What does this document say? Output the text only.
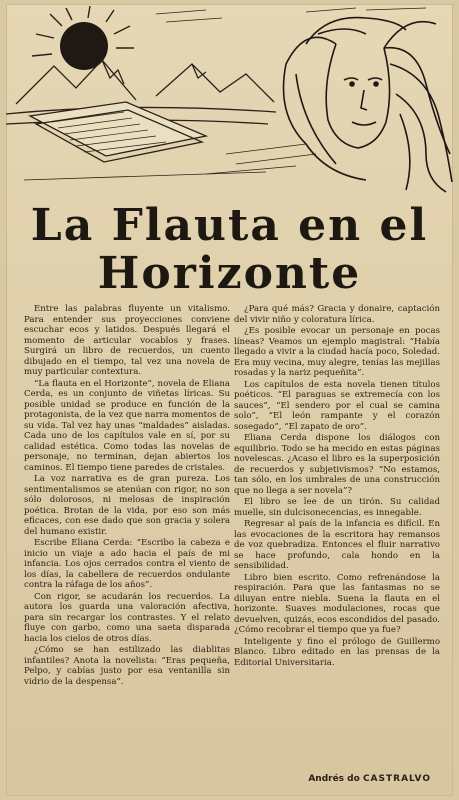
La Flauta en el
Horizonte

Entre las palabras fluyente un vitalismo. Para entender sus proyecciones conviene escuchar ecos y latidos. Después llegará el momento de articular vocablos y frases. Surgirá un libro de recuerdos, un cuento dibujado en el tiempo, tal vez una novela de muy particular contextura.

“La flauta en el Horizonte”, novela de Eliana Cerda, es un conjunto de viñetas líricas. Su posible unidad se produce en función de la protagonista, de la vez que narra momentos de su vida. Tal vez hay unas “maldades” aisladas. Cada uno de los capítulos vale en sí, por su calidad estética. Como todas las novelas de personaje, no terminan, dejan abiertos los caminos. El tiempo tiene paredes de cristales.

La voz narrativa es de gran pureza. Los sentimentalismos se atenúan con rigor, no son sólo dolorosos, ni melosas de inspiración poética. Brotan de la vida, por eso son más eficaces, con ese dado que son gracia y solera del humano existir.

Escribe Eliana Cerda: “Escribo la cabeza e inicio un viaje a ado hacia el país de mi infancia. Los ojos cerrados contra el viento de los días, la cabellera de recuerdos ondulante contra la ráfaga de los años”.

Con rigor, se acudarán los recuerdos. La autora los guarda una valoración afectiva, para sin recargar los contrastes. Y el relato fluye con garbo, como una saeta disparada hacia los cielos de otros días.

¿Cómo se han estilizado las diablitas infantiles? Anota la novelista: “Eras pequeña, Pelpo, y cabías justo por esa ventanilla sin vidrio de la despensa”.

¿Para qué más? Gracia y donaire, captación del vivir niño y coloratura lírica.

¿Es posible evocar un personaje en pocas líneas? Veamos un ejemplo magistral: “Había llegado a vivir a la ciudad hacía poco, Soledad. Era muy vecina, muy alegre, tenías las mejillas rosadas y la nariz pequeñita”.

Los capítulos de esta novela tienen títulos poéticos. “El paraguas se extremecía con los sauces”, “El sendero por el cual se camina solo”, “El león rampante y el corazón sosegado”, “El zapato de oro”.

Eliana Cerda dispone los diálogos con equilibrio. Todo se ha mecido en estas páginas novelescas. ¿Acaso el libro es la superposición de recuerdos y subjetivismos? “No estamos, tan sólo, en los umbrales de una construcción que no llega a ser novela”?

El libro se lee de un tirón. Su calidad muelle, sin dulcisonecencias, es innegable.

Regresar al país de la infancia es difícil. En las evocaciones de la escritora hay remansos de voz quebradiza. Entonces el fluir narrativo se hace profundo, cala hondo en la sensibilidad.

Libro bien escrito. Como refrenándose la respiración. Para que las fantasmas no se diluyan entre niebla. Suena la flauta en el horizonte. Suaves modulaciones, rocas que devuelven, quizás, ecos escondidos del pasado. ¿Cómo recobrar el tiempo que ya fue?

Inteligente y fino el prólogo de Guillermo Blanco. Libro editado en las prensas de la Editorial Universitaria.

Andrés do CASTRALVO
